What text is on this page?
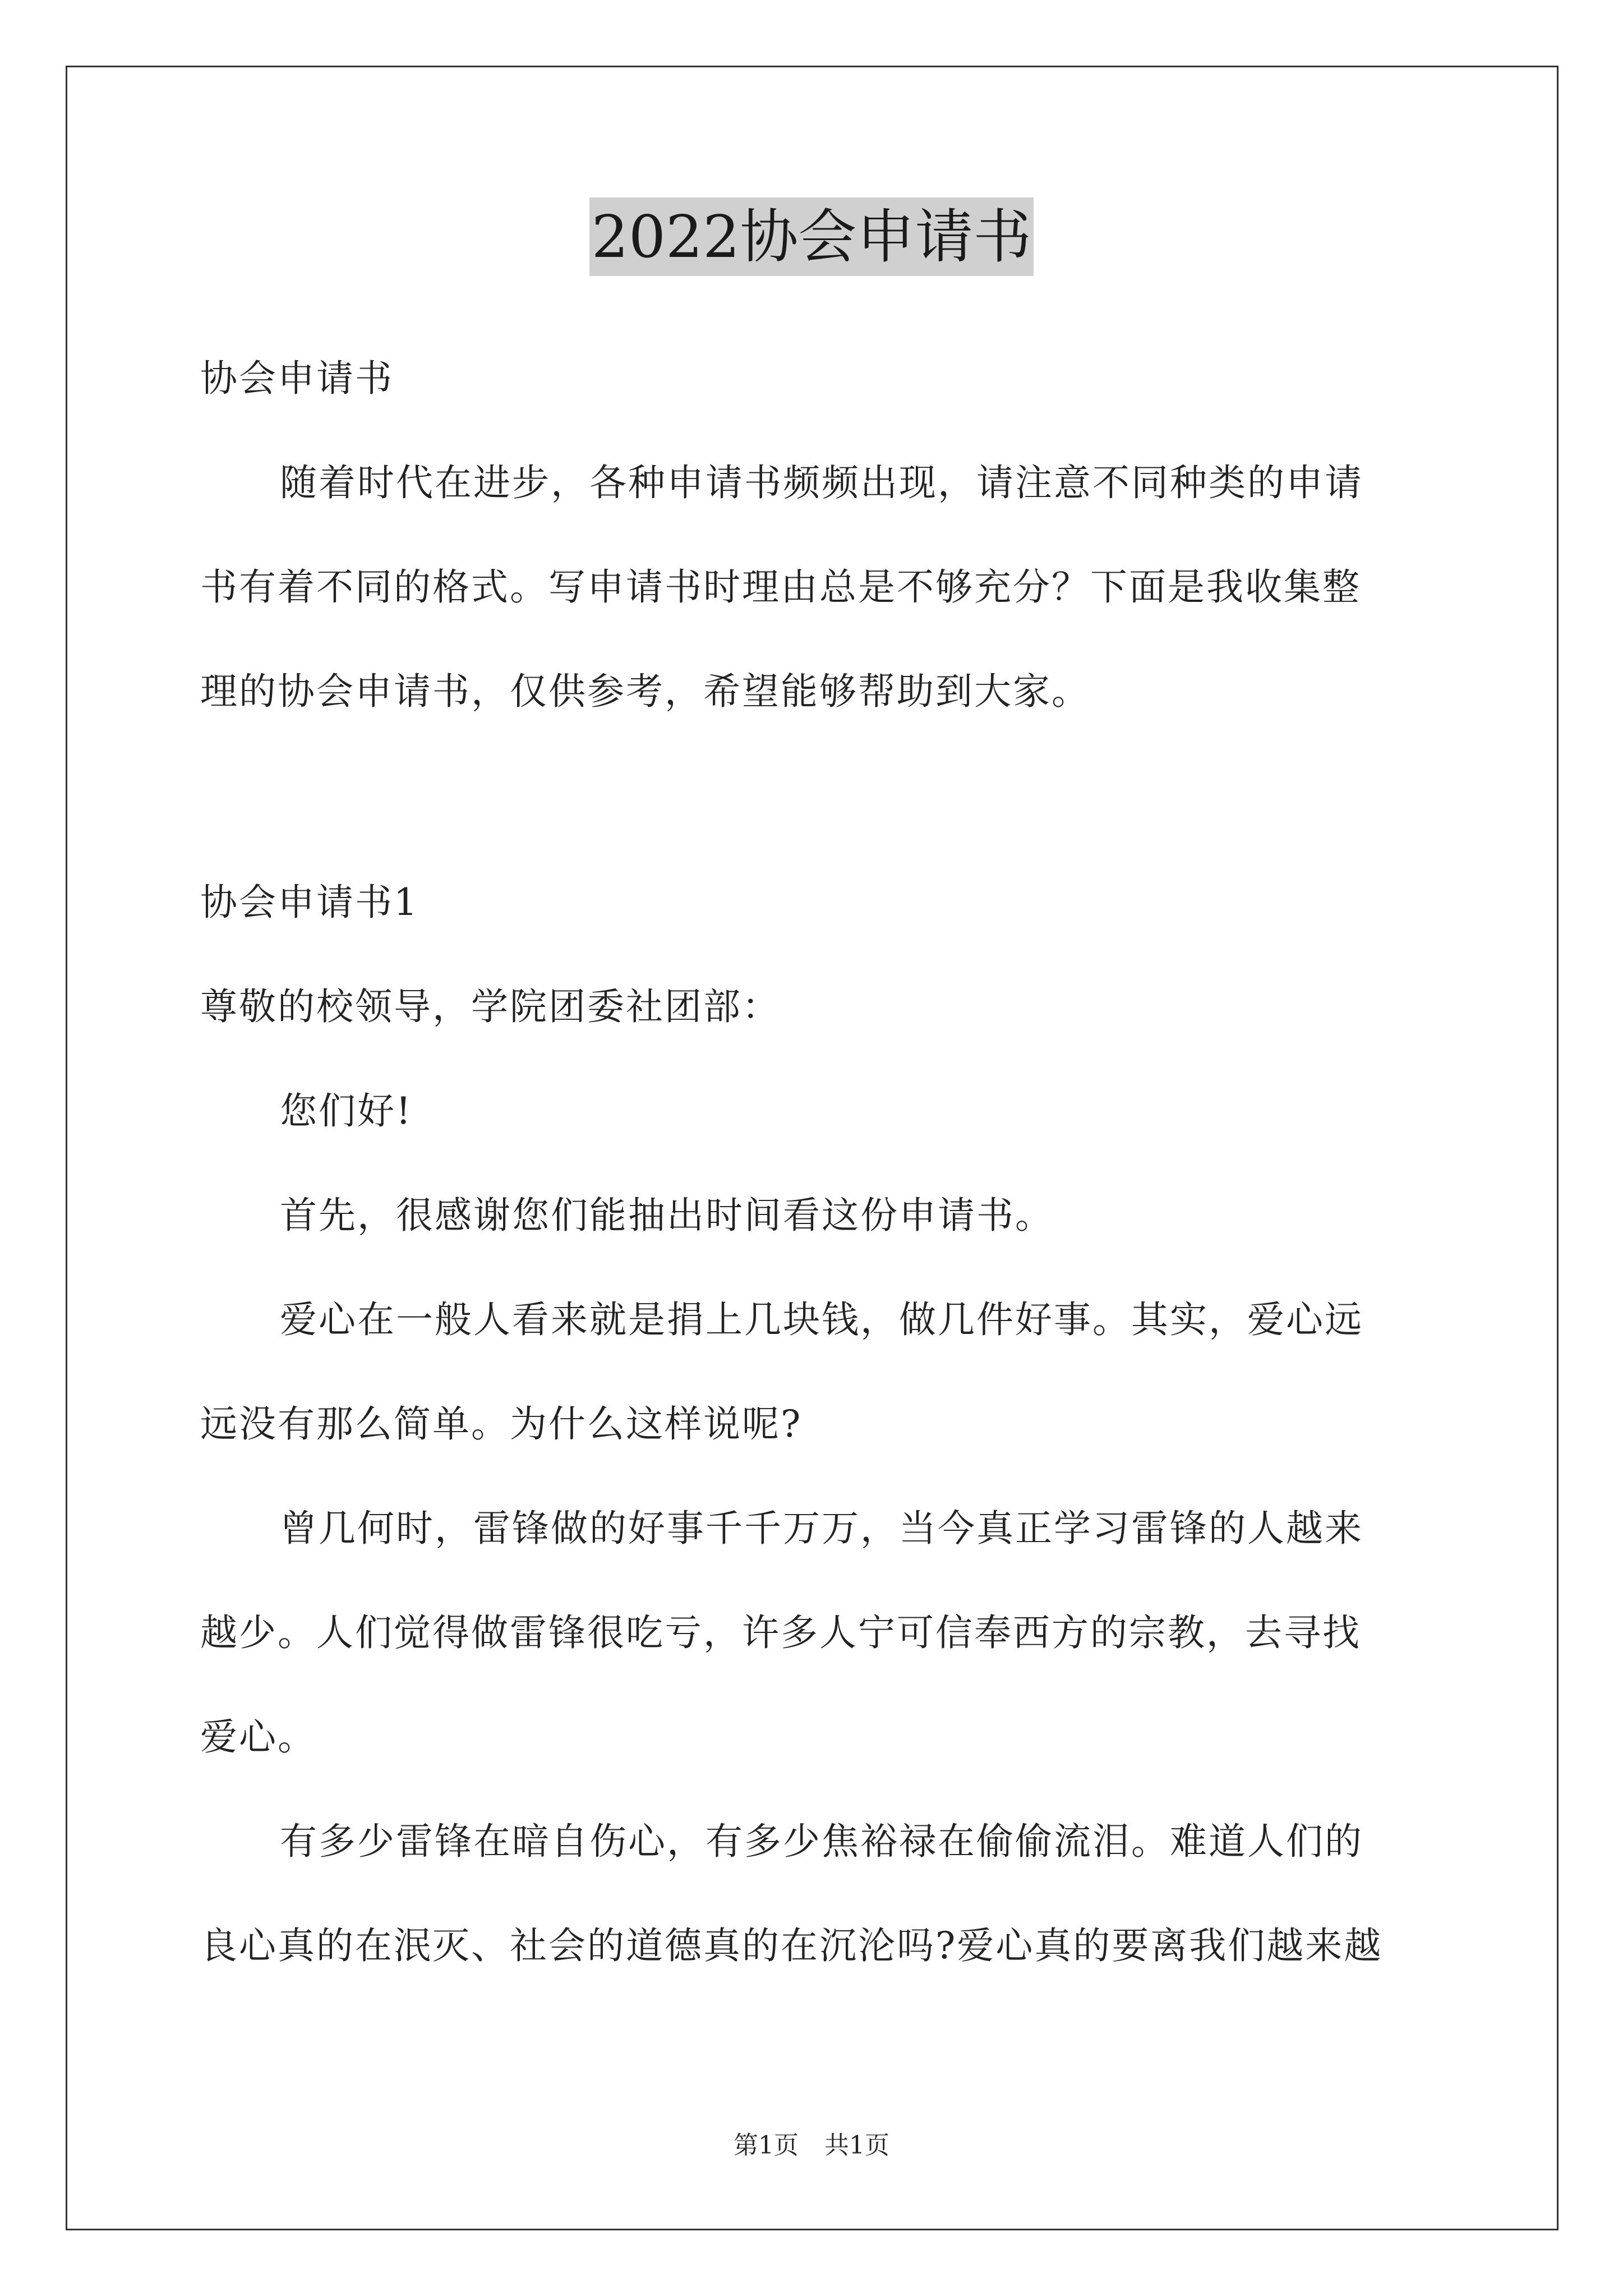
2022协会申请书
协会申请书
随着时代在进步，各种申请书频频出现，请注意不同种类的申请
书有着不同的格式。写申请书时理由总是不够充分？下面是我收集整
理的协会申请书，仅供参考，希望能够帮助到大家。
协会申请书1
尊敬的校领导，学院团委社团部：
您们好!
首先，很感谢您们能抽出时间看这份申请书。
爱心在一般人看来就是捐上几块钱，做几件好事。其实，爱心远
远没有那么简单。为什么这样说呢?
曾几何时，雷锋做的好事千千万万，当今真正学习雷锋的人越来
越少。人们觉得做雷锋很吃亏，许多人宁可信奉西方的宗教，去寻找
爱心。
有多少雷锋在暗自伤心，有多少焦裕禄在偷偷流泪。难道人们的
良心真的在泯灭、社会的道德真的在沉沦吗?爱心真的要离我们越来越
第1页 共1页
